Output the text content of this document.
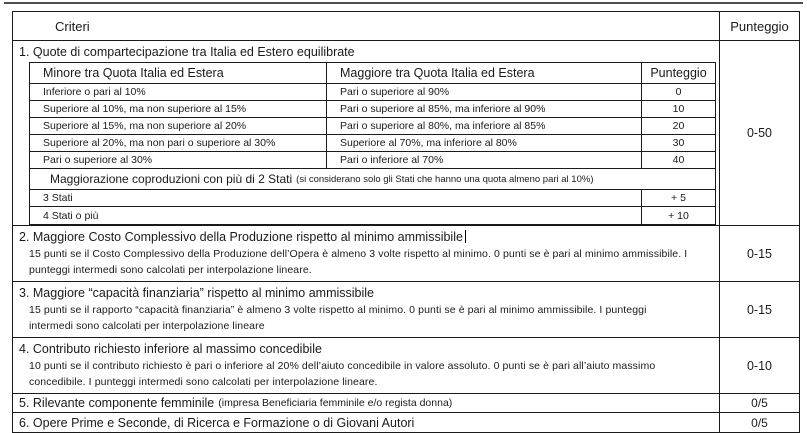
Criteri	Punteggio
1. Quote di compartecipazione tra Italia ed Estero equilibrate
Minore tra Quota Italia ed Estera	Maggiore tra Quota Italia ed Estera	Punteggio
Inferiore o pari al 10%	Pari o superiore al 90%	0
Superiore al 10%, ma non superiore al 15%	Pari o superiore al 85%, ma inferiore al 90%	10
Superiore al 15%, ma non superiore al 20%	Pari o superiore al 80%, ma inferiore al 85%	20
Superiore al 20%, ma non pari o superiore al 30%	Superiore al 70%, ma inferiore al 80%	30
Pari o superiore al 30%	Pari o inferiore al 70%	40
Maggiorazione coproduzioni con più di 2 Stati (si considerano solo gli Stati che hanno una quota almeno pari al 10%)
3 Stati	+ 5
4 Stati o più	+ 10
0-50
2. Maggiore Costo Complessivo della Produzione rispetto al minimo ammissibile
15 punti se il Costo Complessivo della Produzione dell’Opera è almeno 3 volte rispetto al minimo. 0 punti se è pari al minimo ammissibile. I punteggi intermedi sono calcolati per interpolazione lineare.
0-15
3. Maggiore “capacità finanziaria” rispetto al minimo ammissibile
15 punti se il rapporto “capacità finanziaria” è almeno 3 volte rispetto al minimo. 0 punti se è pari al minimo ammissibile. I punteggi intermedi sono calcolati per interpolazione lineare
0-15
4. Contributo richiesto inferiore al massimo concedibile
10 punti se il contributo richiesto è pari o inferiore al 20% dell’aiuto concedibile in valore assoluto. 0 punti se è pari all’aiuto massimo concedibile. I punteggi intermedi sono calcolati per interpolazione lineare.
0-10
5. Rilevante componente femminile (impresa Beneficiaria femminile e/o regista donna)	0/5
6. Opere Prime e Seconde, di Ricerca e Formazione o di Giovani Autori	0/5
